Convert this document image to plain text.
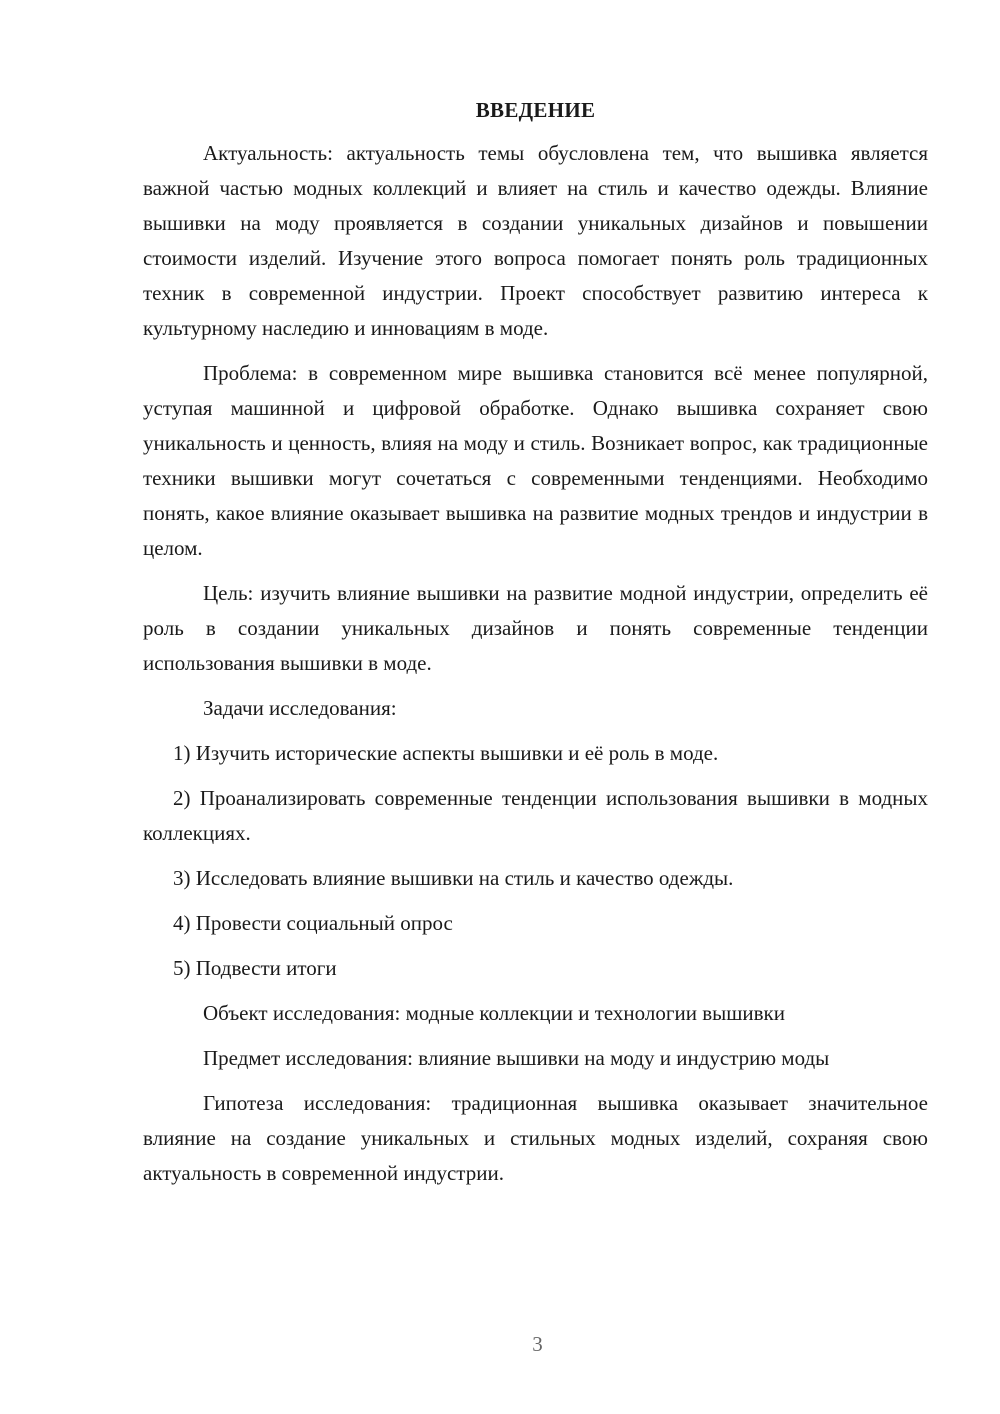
ВВЕДЕНИЕ

Актуальность: актуальность темы обусловлена тем, что вышивка является важной частью модных коллекций и влияет на стиль и качество одежды. Влияние вышивки на моду проявляется в создании уникальных дизайнов и повышении стоимости изделий. Изучение этого вопроса помогает понять роль традиционных техник в современной индустрии. Проект способствует развитию интереса к культурному наследию и инновациям в моде.

Проблема: в современном мире вышивка становится всё менее популярной, уступая машинной и цифровой обработке. Однако вышивка сохраняет свою уникальность и ценность, влияя на моду и стиль. Возникает вопрос, как традиционные техники вышивки могут сочетаться с современными тенденциями. Необходимо понять, какое влияние оказывает вышивка на развитие модных трендов и индустрии в целом.

Цель: изучить влияние вышивки на развитие модной индустрии, определить её роль в создании уникальных дизайнов и понять современные тенденции использования вышивки в моде.

Задачи исследования:

1) Изучить исторические аспекты вышивки и её роль в моде.

2) Проанализировать современные тенденции использования вышивки в модных коллекциях.

3) Исследовать влияние вышивки на стиль и качество одежды.

4) Провести социальный опрос

5) Подвести итоги

Объект исследования: модные коллекции и технологии вышивки

Предмет исследования: влияние вышивки на моду и индустрию моды

Гипотеза исследования: традиционная вышивка оказывает значительное влияние на создание уникальных и стильных модных изделий, сохраняя свою актуальность в современной индустрии.

3
